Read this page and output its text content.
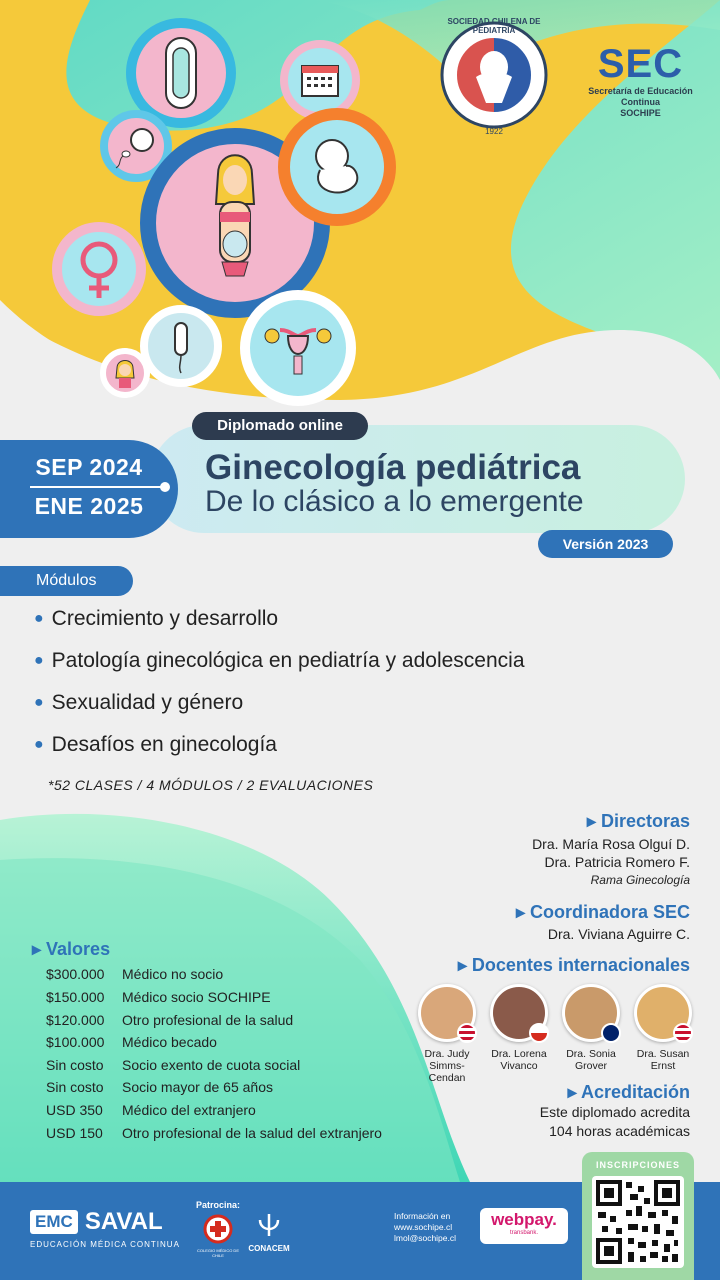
SOCIEDAD CHILENA DE PEDIATRIA
1922
SEC
Secretaría de Educación Continua
SOCHIPE
Diplomado online
SEP 2024
ENE 2025
Ginecología pediátrica
De lo clásico a lo emergente
Versión 2023
Módulos
● Crecimiento y desarrollo
● Patología ginecológica en pediatría y adolescencia
● Sexualidad y género
● Desafíos en ginecología
*52 CLASES / 4 MÓDULOS / 2 EVALUACIONES
▸ Directoras
Dra. María Rosa Olguí D.
Dra. Patricia Romero F.
Rama Ginecología
▸ Coordinadora SEC
Dra. Viviana Aguirre C.
▸ Docentes internacionales
Dra. Judy
Simms-Cendan
Dra. Lorena
Vivanco
Dra. Sonia
Grover
Dra. Susan
Ernst
▸ Acreditación
Este diplomado acredita
104 horas académicas
▸ Valores
$300.000 Médico no socio
$150.000 Médico socio SOCHIPE
$120.000 Otro profesional de la salud
$100.000 Médico becado
Sin costo Socio exento de cuota social
Sin costo Socio mayor de 65 años
USD 350 Médico del extranjero
USD 150 Otro profesional de la salud del extranjero
EMC SAVAL
EDUCACIÓN MÉDICA CONTINUA
Patrocina:
COLEGIO MÉDICO DE CHILE
CONACEM
Información en
www.sochipe.cl
lmol@sochipe.cl
webpay.
transbank.
INSCRIPCIONES
